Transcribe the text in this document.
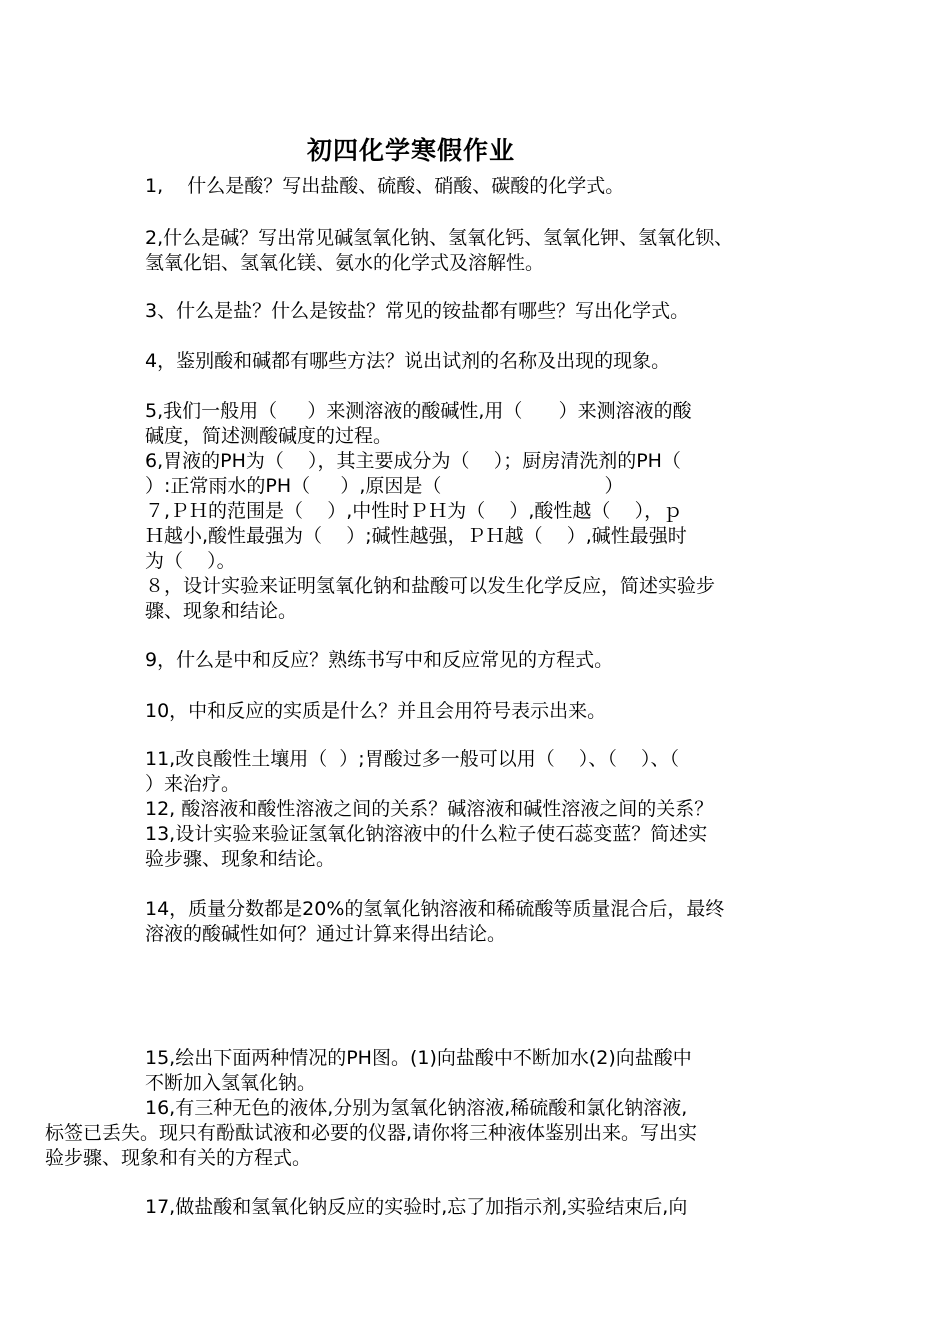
初四化学寒假作业
1,    什么是酸？写出盐酸、硫酸、硝酸、碳酸的化学式。
2,什么是碱？写出常见碱氢氧化钠、氢氧化钙、氢氧化钾、氢氧化钡、
氢氧化铝、氢氧化镁、氨水的化学式及溶解性。
3、什么是盐？什么是铵盐？常见的铵盐都有哪些？写出化学式。
4，鉴别酸和碱都有哪些方法？说出试剂的名称及出现的现象。
5,我们一般用（     ）来测溶液的酸碱性,用（      ）来测溶液的酸
碱度，简述测酸碱度的过程。
6,胃液的PH为（    ），其主要成分为（    ）；厨房清洗剂的PH（
）:正常雨水的PH（     ）,原因是（                           ）
７,ＰＨ的范围是（    ）,中性时ＰＨ为（    ）,酸性越（    ），ｐ
Ｈ越小,酸性最强为（    ）;碱性越强，ＰＨ越（    ）,碱性最强时
为（    ）。
８，设计实验来证明氢氧化钠和盐酸可以发生化学反应，简述实验步
骤、现象和结论。
9，什么是中和反应？熟练书写中和反应常见的方程式。
10，中和反应的实质是什么？并且会用符号表示出来。
11,改良酸性土壤用（  ）;胃酸过多一般可以用（    ）、（    ）、（
）来治疗。
12, 酸溶液和酸性溶液之间的关系？碱溶液和碱性溶液之间的关系？
13,设计实验来验证氢氧化钠溶液中的什么粒子使石蕊变蓝？简述实
验步骤、现象和结论。
14，质量分数都是20%的氢氧化钠溶液和稀硫酸等质量混合后，最终
溶液的酸碱性如何？通过计算来得出结论。
15,绘出下面两种情况的PH图。(1)向盐酸中不断加水(2)向盐酸中
不断加入氢氧化钠。
16,有三种无色的液体,分别为氢氧化钠溶液,稀硫酸和氯化钠溶液,
标签已丢失。现只有酚酞试液和必要的仪器,请你将三种液体鉴别出来。写出实
验步骤、现象和有关的方程式。
17,做盐酸和氢氧化钠反应的实验时,忘了加指示剂,实验结束后,向
